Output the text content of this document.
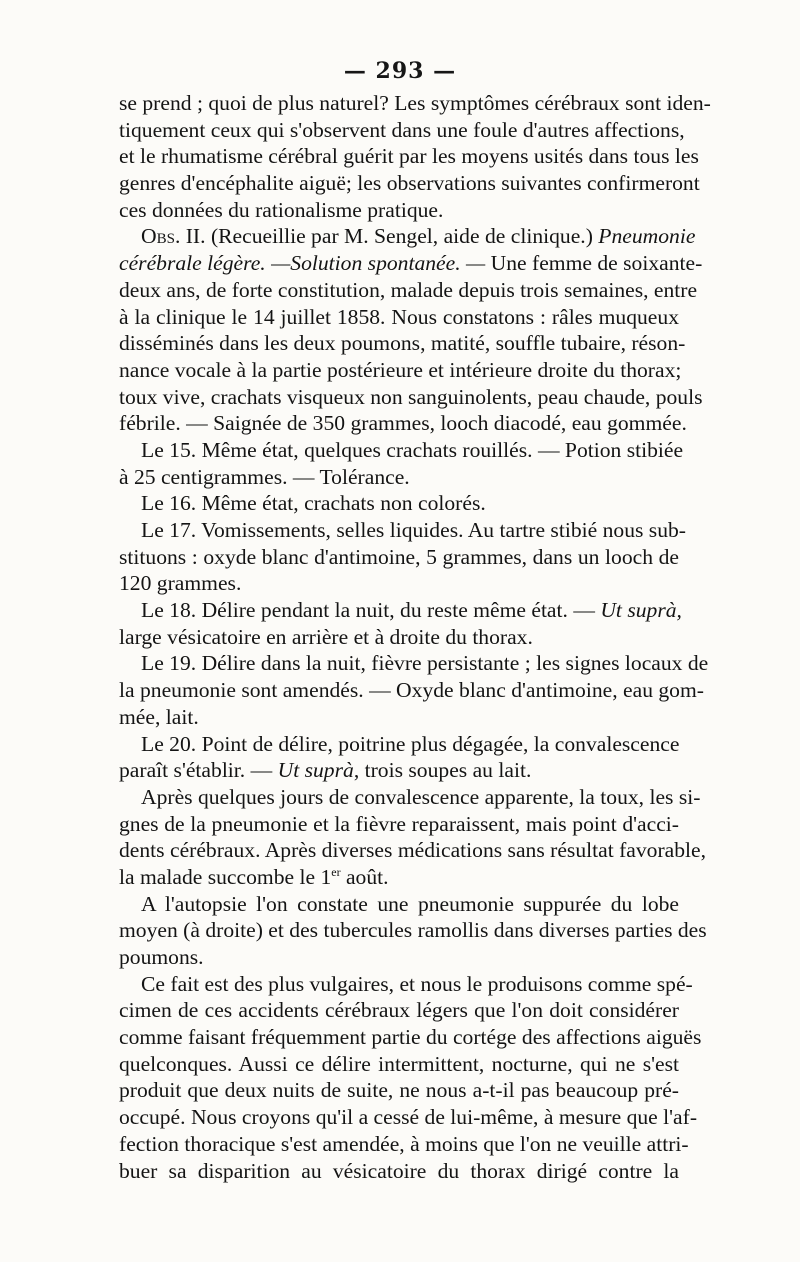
— 293 —
se prend ; quoi de plus naturel? Les symptômes cérébraux sont iden-
tiquement ceux qui s'observent dans une foule d'autres affections,
et le rhumatisme cérébral guérit par les moyens usités dans tous les
genres d'encéphalite aiguë; les observations suivantes confirmeront
ces données du rationalisme pratique.
Obs. II. (Recueillie par M. Sengel, aide de clinique.) Pneumonie
cérébrale légère. —Solution spontanée. — Une femme de soixante-
deux ans, de forte constitution, malade depuis trois semaines, entre
à la clinique le 14 juillet 1858. Nous constatons : râles muqueux
disséminés dans les deux poumons, matité, souffle tubaire, réson-
nance vocale à la partie postérieure et intérieure droite du thorax;
toux vive, crachats visqueux non sanguinolents, peau chaude, pouls
fébrile. — Saignée de 350 grammes, looch diacodé, eau gommée.
Le 15. Même état, quelques crachats rouillés. — Potion stibiée
à 25 centigrammes. — Tolérance.
Le 16. Même état, crachats non colorés.
Le 17. Vomissements, selles liquides. Au tartre stibié nous sub-
stituons : oxyde blanc d'antimoine, 5 grammes, dans un looch de
120 grammes.
Le 18. Délire pendant la nuit, du reste même état. — Ut suprà,
large vésicatoire en arrière et à droite du thorax.
Le 19. Délire dans la nuit, fièvre persistante ; les signes locaux de
la pneumonie sont amendés. — Oxyde blanc d'antimoine, eau gom-
mée, lait.
Le 20. Point de délire, poitrine plus dégagée, la convalescence
paraît s'établir. — Ut suprà, trois soupes au lait.
Après quelques jours de convalescence apparente, la toux, les si-
gnes de la pneumonie et la fièvre reparaissent, mais point d'acci-
dents cérébraux. Après diverses médications sans résultat favorable,
la malade succombe le 1er août.
A l'autopsie l'on constate une pneumonie suppurée du lobe
moyen (à droite) et des tubercules ramollis dans diverses parties des
poumons.
Ce fait est des plus vulgaires, et nous le produisons comme spé-
cimen de ces accidents cérébraux légers que l'on doit considérer
comme faisant fréquemment partie du cortége des affections aiguës
quelconques. Aussi ce délire intermittent, nocturne, qui ne s'est
produit que deux nuits de suite, ne nous a-t-il pas beaucoup pré-
occupé. Nous croyons qu'il a cessé de lui-même, à mesure que l'af-
fection thoracique s'est amendée, à moins que l'on ne veuille attri-
buer sa disparition au vésicatoire du thorax dirigé contre la
